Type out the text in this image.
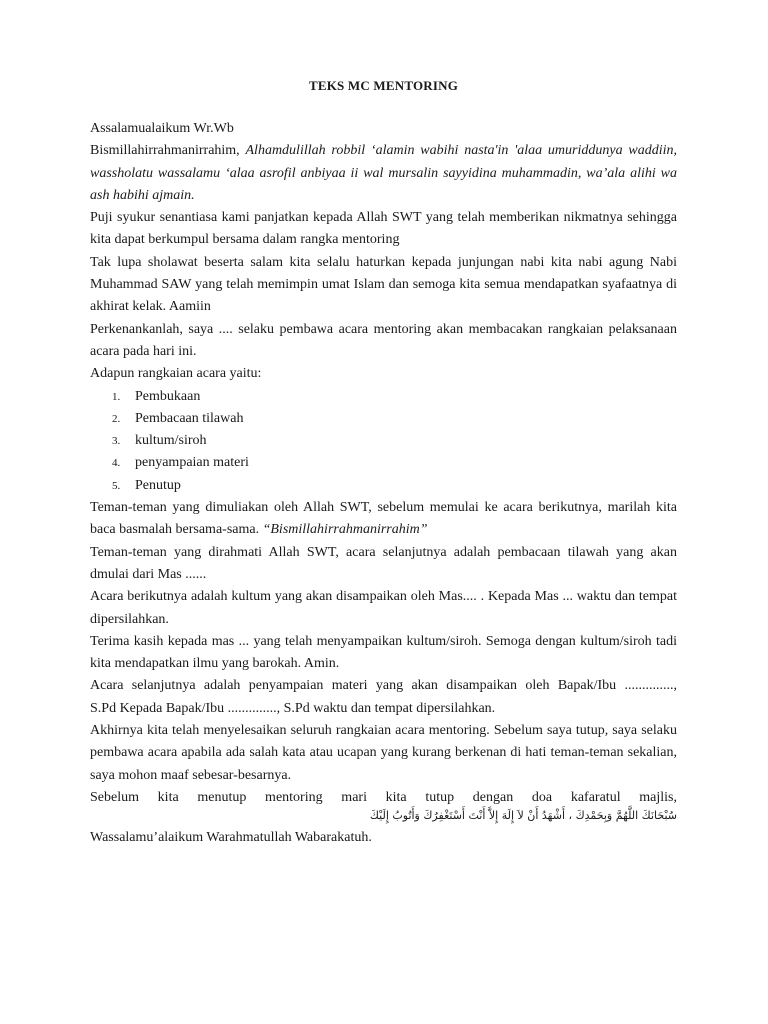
TEKS MC MENTORING

Assalamualaikum Wr.Wb

Bismillahirrahmanirrahim, Alhamdulillah robbil ‘alamin wabihi nasta'in 'alaa umuriddunya waddiin, wassholatu wassalamu ‘alaa asrofil anbiyaa ii wal mursalin sayyidina muhammadin, wa’ala alihi wa ash habihi ajmain.

Puji syukur senantiasa kami panjatkan kepada Allah SWT yang telah memberikan nikmatnya sehingga kita dapat berkumpul bersama dalam rangka mentoring

Tak lupa sholawat beserta salam kita selalu haturkan kepada junjungan nabi kita nabi agung Nabi Muhammad SAW yang telah memimpin umat Islam dan semoga kita semua mendapatkan syafaatnya di akhirat kelak. Aamiin

Perkenankanlah, saya .... selaku pembawa acara mentoring akan membacakan rangkaian pelaksanaan acara pada hari ini.

Adapun rangkaian acara yaitu:

1. Pembukaan
2. Pembacaan tilawah
3. kultum/siroh
4. penyampaian materi
5. Penutup

Teman-teman yang dimuliakan oleh Allah SWT, sebelum memulai ke acara berikutnya, marilah kita baca basmalah bersama-sama. “Bismillahirrahmanirrahim”

Teman-teman yang dirahmati Allah SWT, acara selanjutnya adalah pembacaan tilawah yang akan dmulai dari Mas ......

Acara berikutnya adalah kultum yang akan disampaikan oleh Mas.... . Kepada Mas ... waktu dan tempat dipersilahkan.

Terima kasih kepada mas ... yang telah menyampaikan kultum/siroh. Semoga dengan kultum/siroh tadi kita mendapatkan ilmu yang barokah. Amin.

Acara selanjutnya adalah penyampaian materi yang akan disampaikan oleh Bapak/Ibu ..............,
S.Pd Kepada Bapak/Ibu .............., S.Pd waktu dan tempat dipersilahkan.

Akhirnya kita telah menyelesaikan seluruh rangkaian acara mentoring. Sebelum saya tutup, saya selaku pembawa acara apabila ada salah kata atau ucapan yang kurang berkenan di hati teman-teman sekalian, saya mohon maaf sebesar-besarnya.

Sebelum kita menutup mentoring mari kita tutup dengan doa kafaratul majlis,

سُبْحَانَكَ اللَّهُمَّ وَبِحَمْدِكَ ، أَشْهَدُ أَنْ لاَ إِلَهَ إِلاَّ أَنْتَ أَسْتَغْفِرُكَ وَأَتُوبُ إِلَيْكَ

Wassalamu’alaikum Warahmatullah Wabarakatuh.
